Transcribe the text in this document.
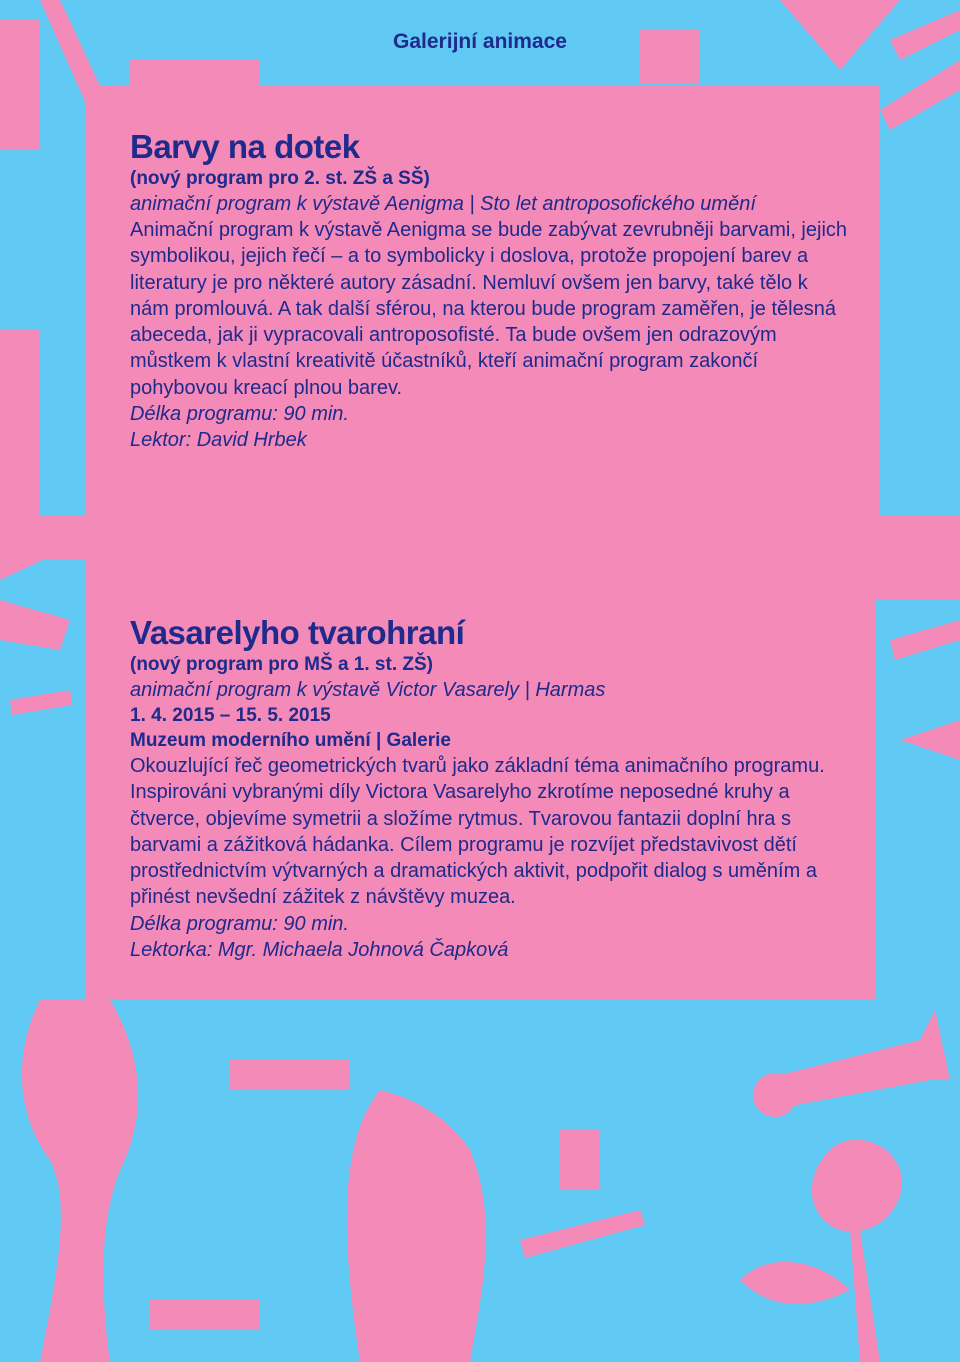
Galerijní animace
Barvy na dotek
(nový program pro 2. st. ZŠ a SŠ)
animační program k výstavě Aenigma | Sto let antroposofického umění
Animační program k výstavě Aenigma se bude zabývat zevrubněji barvami, jejich symbolikou, jejich řečí – a to symbolicky i doslova, protože propojení barev a literatury je pro některé autory zásadní. Nemluví ovšem jen barvy, také tělo k nám promlouvá. A tak další sférou, na kterou bude program zaměřen, je tělesná abeceda, jak ji vypracovali antroposofisté. Ta bude ovšem jen odrazovým můstkem k vlastní kreativitě účastníků, kteří animační program zakončí pohybovou kreací plnou barev.
Délka programu: 90 min.
Lektor: David Hrbek
Vasarelyho tvarohraní
(nový program pro MŠ a 1. st. ZŠ)
animační program k výstavě Victor Vasarely | Harmas
1. 4. 2015 – 15. 5. 2015
Muzeum moderního umění | Galerie
Okouzlující řeč geometrických tvarů jako základní téma animačního programu. Inspirováni vybranými díly Victora Vasarelyho zkrotíme neposedné kruhy a čtverce, objevíme symetrii a složíme rytmus. Tvarovou fantazii doplní hra s barvami a zážitková hádanka. Cílem programu je rozvíjet představivost dětí prostřednictvím výtvarných a dramatických aktivit, podpořit dialog s uměním a přinést nevšední zážitek z návštěvy muzea.
Délka programu: 90 min.
Lektorka: Mgr. Michaela Johnová Čapková
